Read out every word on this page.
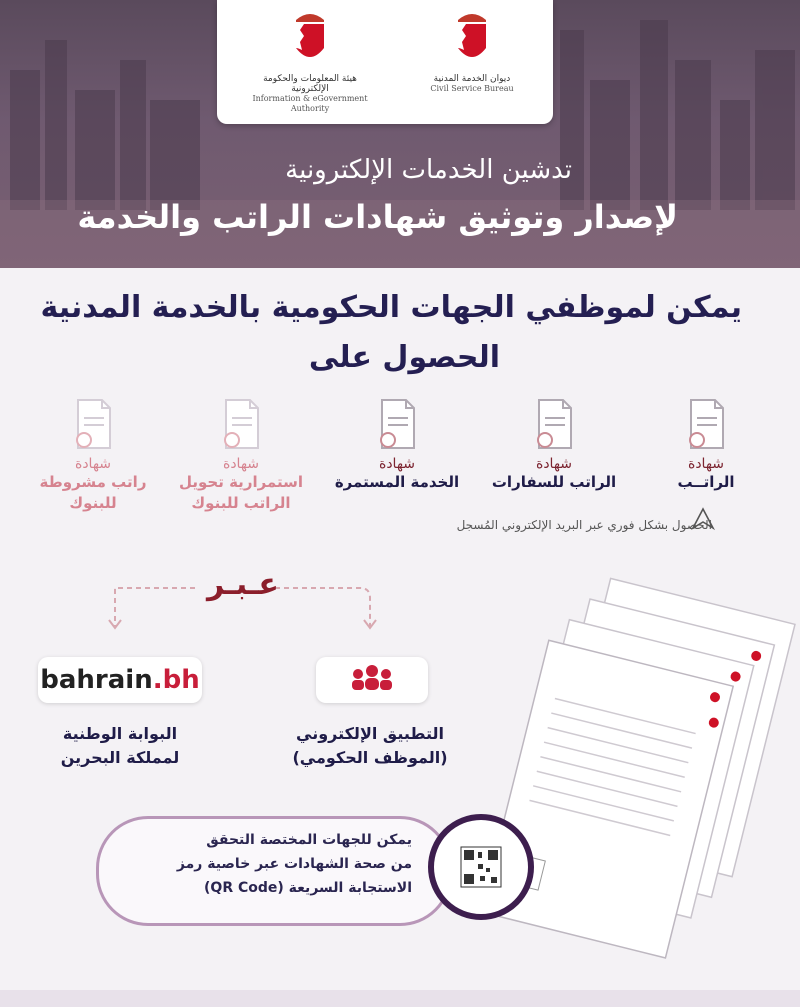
هيئة المعلومات والحكومة الإلكترونية
Information & eGovernment
Authority
ديوان الخدمة المدنية
Civil Service Bureau
تدشين الخدمات الإلكترونية
لإصدار وتوثيق شهادات الراتب والخدمة
يمكن لموظفي الجهات الحكومية بالخدمة المدنية
الحصول على
شهادة
الراتــب
شهادة
الراتب للسفارات
شهادة
الخدمة المستمرة
شهادة
استمرارية تحويل
الراتب للبنوك
شهادة
راتب مشروطة
للبنوك
الحصول بشكل فوري عبر البريد الإلكتروني المُسجل
عـبـر
bahrain.bh
البوابة الوطنية
لمملكة البحرين
التطبيق الإلكتروني
(الموظف الحكومي)
يمكن للجهات المختصة التحقق
من صحة الشهادات عبر خاصية رمز
الاستجابة السريعة (QR Code)
